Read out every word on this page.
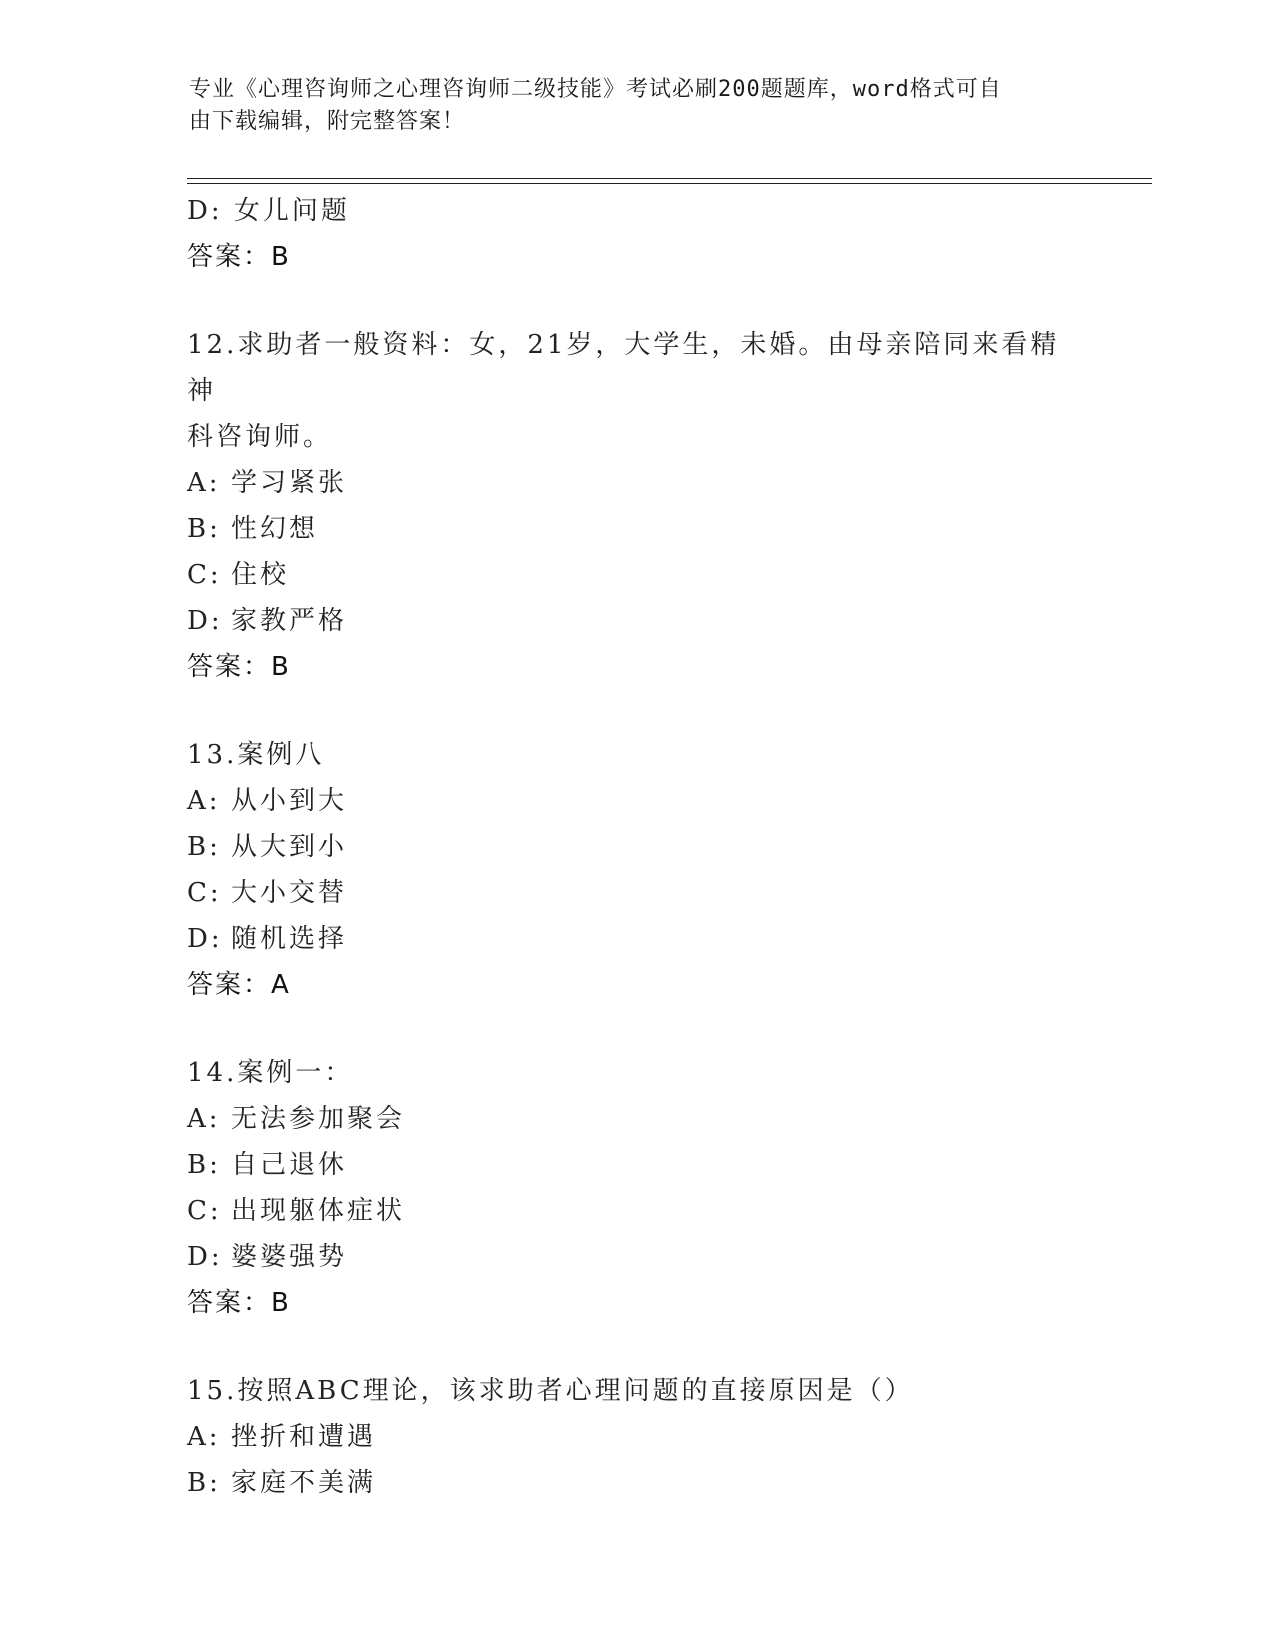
专业《心理咨询师之心理咨询师二级技能》考试必刷200题题库，word格式可自
由下载编辑，附完整答案！
D: 女儿问题
答案：B
12.求助者一般资料：女，21岁，大学生，未婚。由母亲陪同来看精神
科咨询师。
A: 学习紧张
B: 性幻想
C: 住校
D: 家教严格
答案：B
13.案例八
A: 从小到大
B: 从大到小
C: 大小交替
D: 随机选择
答案：A
14.案例一：
A: 无法参加聚会
B: 自己退休
C: 出现躯体症状
D: 婆婆强势
答案：B
15.按照ABC理论，该求助者心理问题的直接原因是（）
A: 挫折和遭遇
B: 家庭不美满
